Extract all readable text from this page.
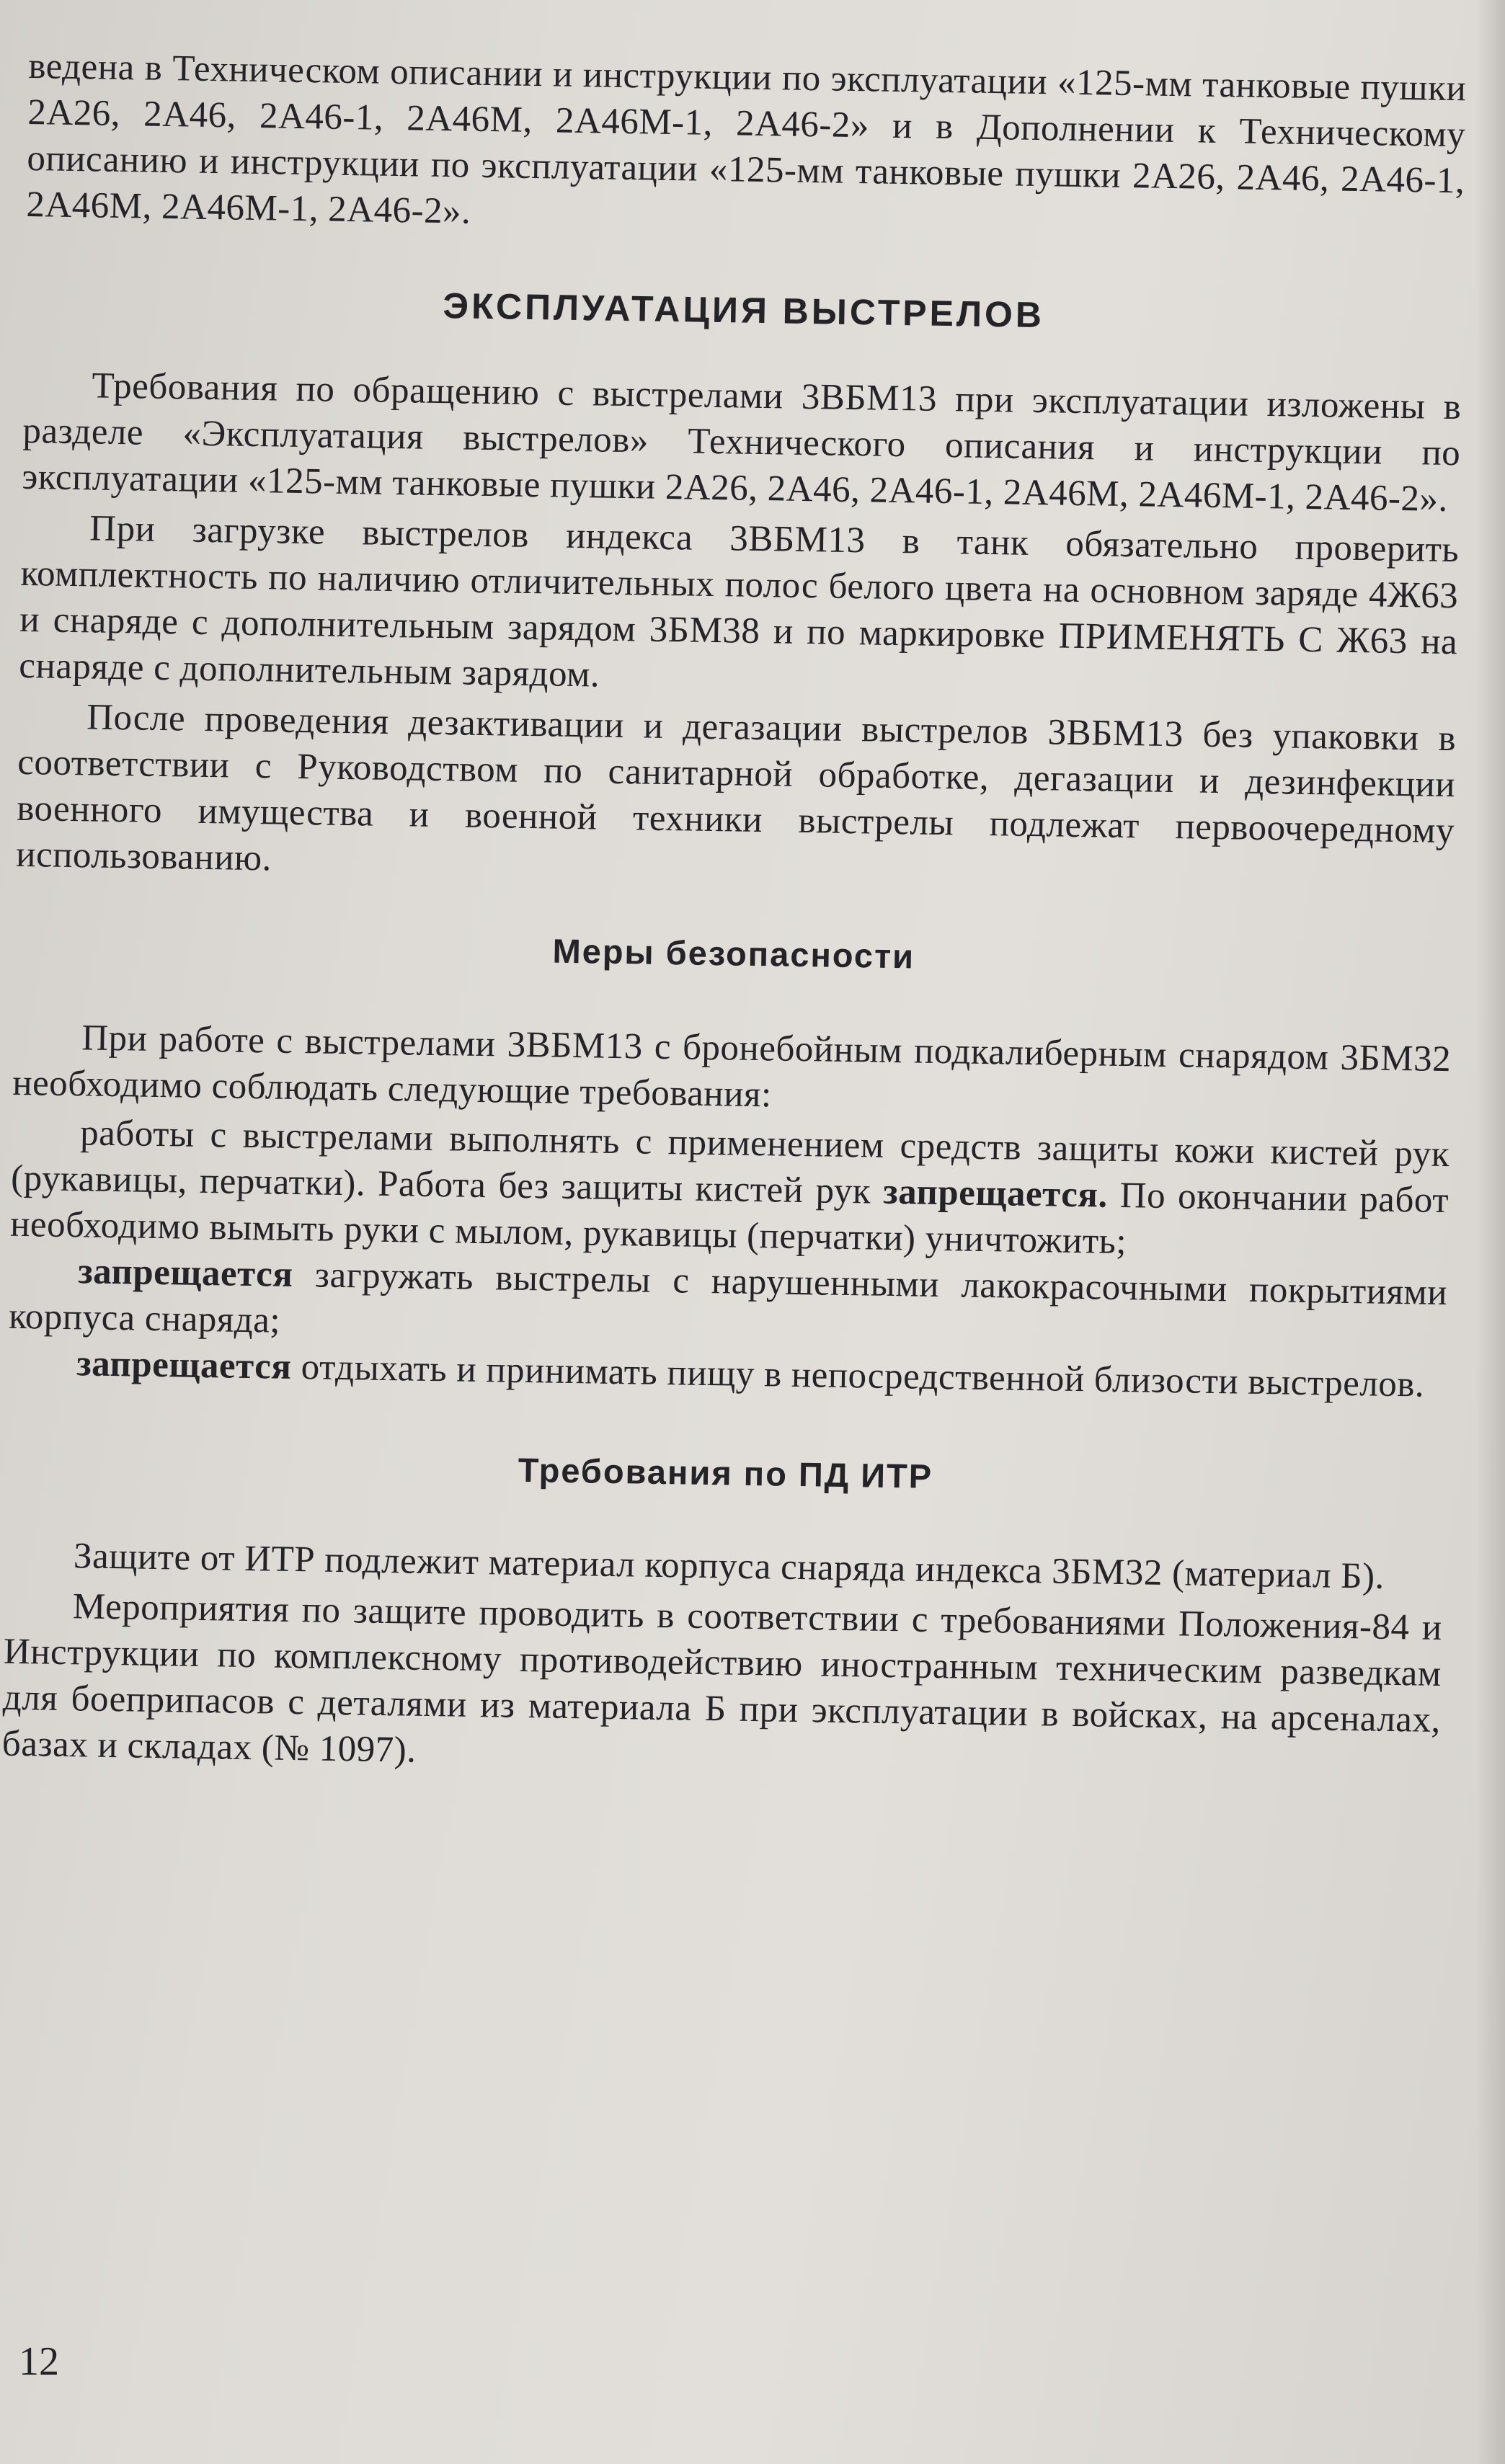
ведена в Техническом описании и инструкции по эксплуатации «125-мм танковые пушки 2А26, 2А46, 2А46-1, 2А46М, 2А46М-1, 2А46-2» и в Дополнении к Техническому описанию и инструкции по эксплуатации «125-мм танковые пушки 2А26, 2А46, 2А46-1, 2А46М, 2А46М-1, 2А46-2».

ЭКСПЛУАТАЦИЯ ВЫСТРЕЛОВ

Требования по обращению с выстрелами 3ВБМ13 при эксплуатации изложены в разделе «Эксплуатация выстрелов» Технического описания и инструкции по эксплуатации «125-мм танковые пушки 2А26, 2А46, 2А46-1, 2А46М, 2А46М-1, 2А46-2».

При загрузке выстрелов индекса 3ВБМ13 в танк обязательно проверить комплектность по наличию отличительных полос белого цвета на основном заряде 4Ж63 и снаряде с дополнительным зарядом 3БМ38 и по маркировке ПРИМЕНЯТЬ С Ж63 на снаряде с дополнительным зарядом.

После проведения дезактивации и дегазации выстрелов 3ВБМ13 без упаковки в соответствии с Руководством по санитарной обработке, дегазации и дезинфекции военного имущества и военной техники выстрелы подлежат первоочередному использованию.

Меры безопасности

При работе с выстрелами 3ВБМ13 с бронебойным подкалиберным снарядом 3БМ32 необходимо соблюдать следующие требования:

работы с выстрелами выполнять с применением средств защиты кожи кистей рук (рукавицы, перчатки). Работа без защиты кистей рук запрещается. По окончании работ необходимо вымыть руки с мылом, рукавицы (перчатки) уничтожить;

запрещается загружать выстрелы с нарушенными лакокрасочными покрытиями корпуса снаряда;

запрещается отдыхать и принимать пищу в непосредственной близости выстрелов.

Требования по ПД ИТР

Защите от ИТР подлежит материал корпуса снаряда индекса 3БМ32 (материал Б).

Мероприятия по защите проводить в соответствии с требованиями Положения-84 и Инструкции по комплексному противодействию иностранным техническим разведкам для боеприпасов с деталями из материала Б при эксплуатации в войсках, на арсеналах, базах и складах (№ 1097).

12
